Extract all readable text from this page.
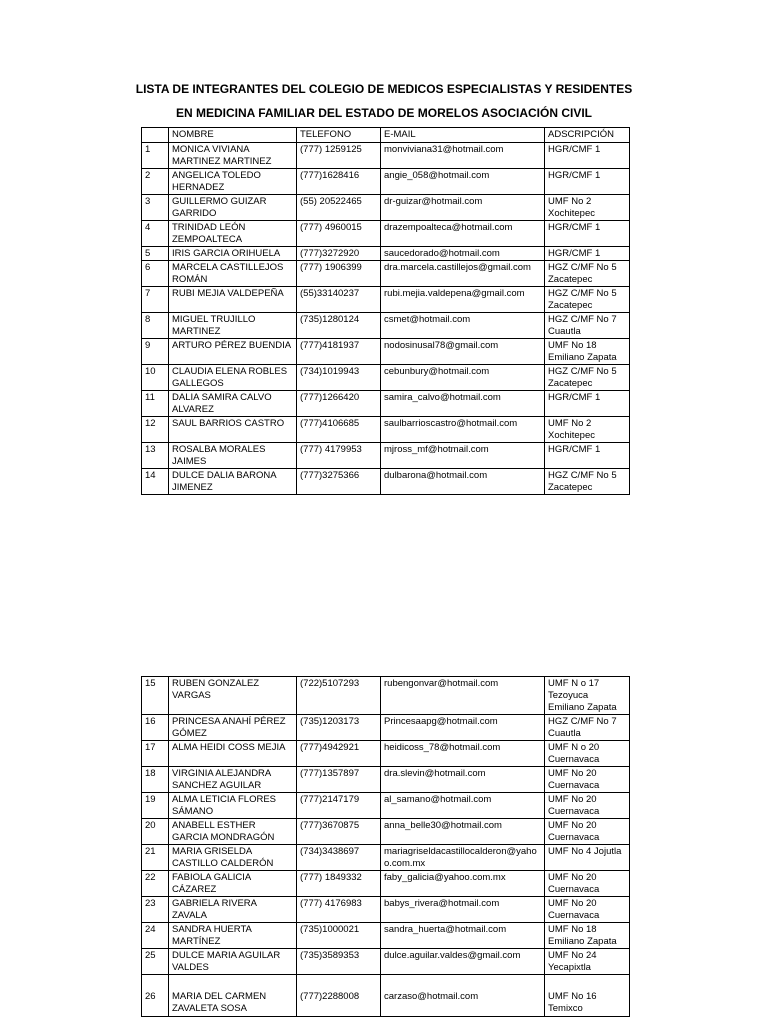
LISTA DE INTEGRANTES DEL COLEGIO DE MEDICOS ESPECIALISTAS Y RESIDENTES
EN MEDICINA FAMILIAR DEL ESTADO DE MORELOS ASOCIACIÓN CIVIL
	NOMBRE	TELEFONO	E-MAIL	ADSCRIPCIÓN
1	MONICA VIVIANA MARTINEZ MARTINEZ	(777) 1259125	monviviana31@hotmail.com	HGR/CMF 1
2	ANGELICA TOLEDO HERNADEZ	(777)1628416	angie_058@hotmail.com	HGR/CMF 1
3	GUILLERMO GUIZAR GARRIDO	(55) 20522465	dr-guizar@hotmail.com	UMF No 2 Xochitepec
4	TRINIDAD LEÓN ZEMPOALTECA	(777) 4960015	drazempoalteca@hotmail.com	HGR/CMF 1
5	IRIS GARCIA ORIHUELA	(777)3272920	saucedorado@hotmail.com	HGR/CMF 1
6	MARCELA CASTILLEJOS ROMÁN	(777) 1906399	dra.marcela.castillejos@gmail.com	HGZ C/MF No 5 Zacatepec
7	RUBI MEJIA VALDEPEÑA	(55)33140237	rubi.mejia.valdepena@gmail.com	HGZ C/MF No 5 Zacatepec
8	MIGUEL TRUJILLO MARTINEZ	(735)1280124	csmet@hotmail.com	HGZ C/MF No 7 Cuautla
9	ARTURO PÉREZ BUENDIA	(777)4181937	nodosinusal78@gmail.com	UMF No 18 Emiliano Zapata
10	CLAUDIA ELENA ROBLES GALLEGOS	(734)1019943	cebunbury@hotmail.com	HGZ C/MF No 5 Zacatepec
11	DALIA SAMIRA CALVO ALVAREZ	(777)1266420	samira_calvo@hotmail.com	HGR/CMF 1
12	SAUL BARRIOS CASTRO	(777)4106685	saulbarrioscastro@hotmail.com	UMF No 2 Xochitepec
13	ROSALBA MORALES JAIMES	(777) 4179953	mjross_mf@hotmail.com	HGR/CMF 1
14	DULCE DALIA BARONA JIMENEZ	(777)3275366	dulbarona@hotmail.com	HGZ C/MF No 5 Zacatepec
15	RUBEN GONZALEZ VARGAS	(722)5107293	rubengonvar@hotmail.com	UMF N o 17 Tezoyuca Emiliano Zapata
16	PRINCESA ANAHÍ PÉREZ GÓMEZ	(735)1203173	Princesaapg@hotmail.com	HGZ C/MF No 7 Cuautla
17	ALMA HEIDI COSS MEJIA	(777)4942921	heidicoss_78@hotmail.com	UMF N o 20 Cuernavaca
18	VIRGINIA ALEJANDRA SANCHEZ AGUILAR	(777)1357897	dra.slevin@hotmail.com	UMF No 20 Cuernavaca
19	ALMA LETICIA FLORES SÁMANO	(777)2147179	al_samano@hotmail.com	UMF No 20 Cuernavaca
20	ANABELL ESTHER GARCIA MONDRAGÓN	(777)3670875	anna_belle30@hotmail.com	UMF No 20 Cuernavaca
21	MARIA GRISELDA CASTILLO CALDERÓN	(734)3438697	mariagriseldacastillocalderon@yahoo.com.mx	UMF No 4 Jojutla
22	FABIOLA GALICIA CÁZAREZ	(777) 1849332	faby_galicia@yahoo.com.mx	UMF No 20 Cuernavaca
23	GABRIELA RIVERA ZAVALA	(777) 4176983	babys_rivera@hotmail.com	UMF No 20 Cuernavaca
24	SANDRA HUERTA MARTÍNEZ	(735)1000021	sandra_huerta@hotmail.com	UMF No 18 Emiliano Zapata
25	DULCE MARIA AGUILAR VALDES	(735)3589353	dulce.aguilar.valdes@gmail.com	UMF No 24 Yecapixtla
26	MARIA DEL CARMEN ZAVALETA SOSA	(777)2288008	carzaso@hotmail.com	UMF No 16 Temixco
